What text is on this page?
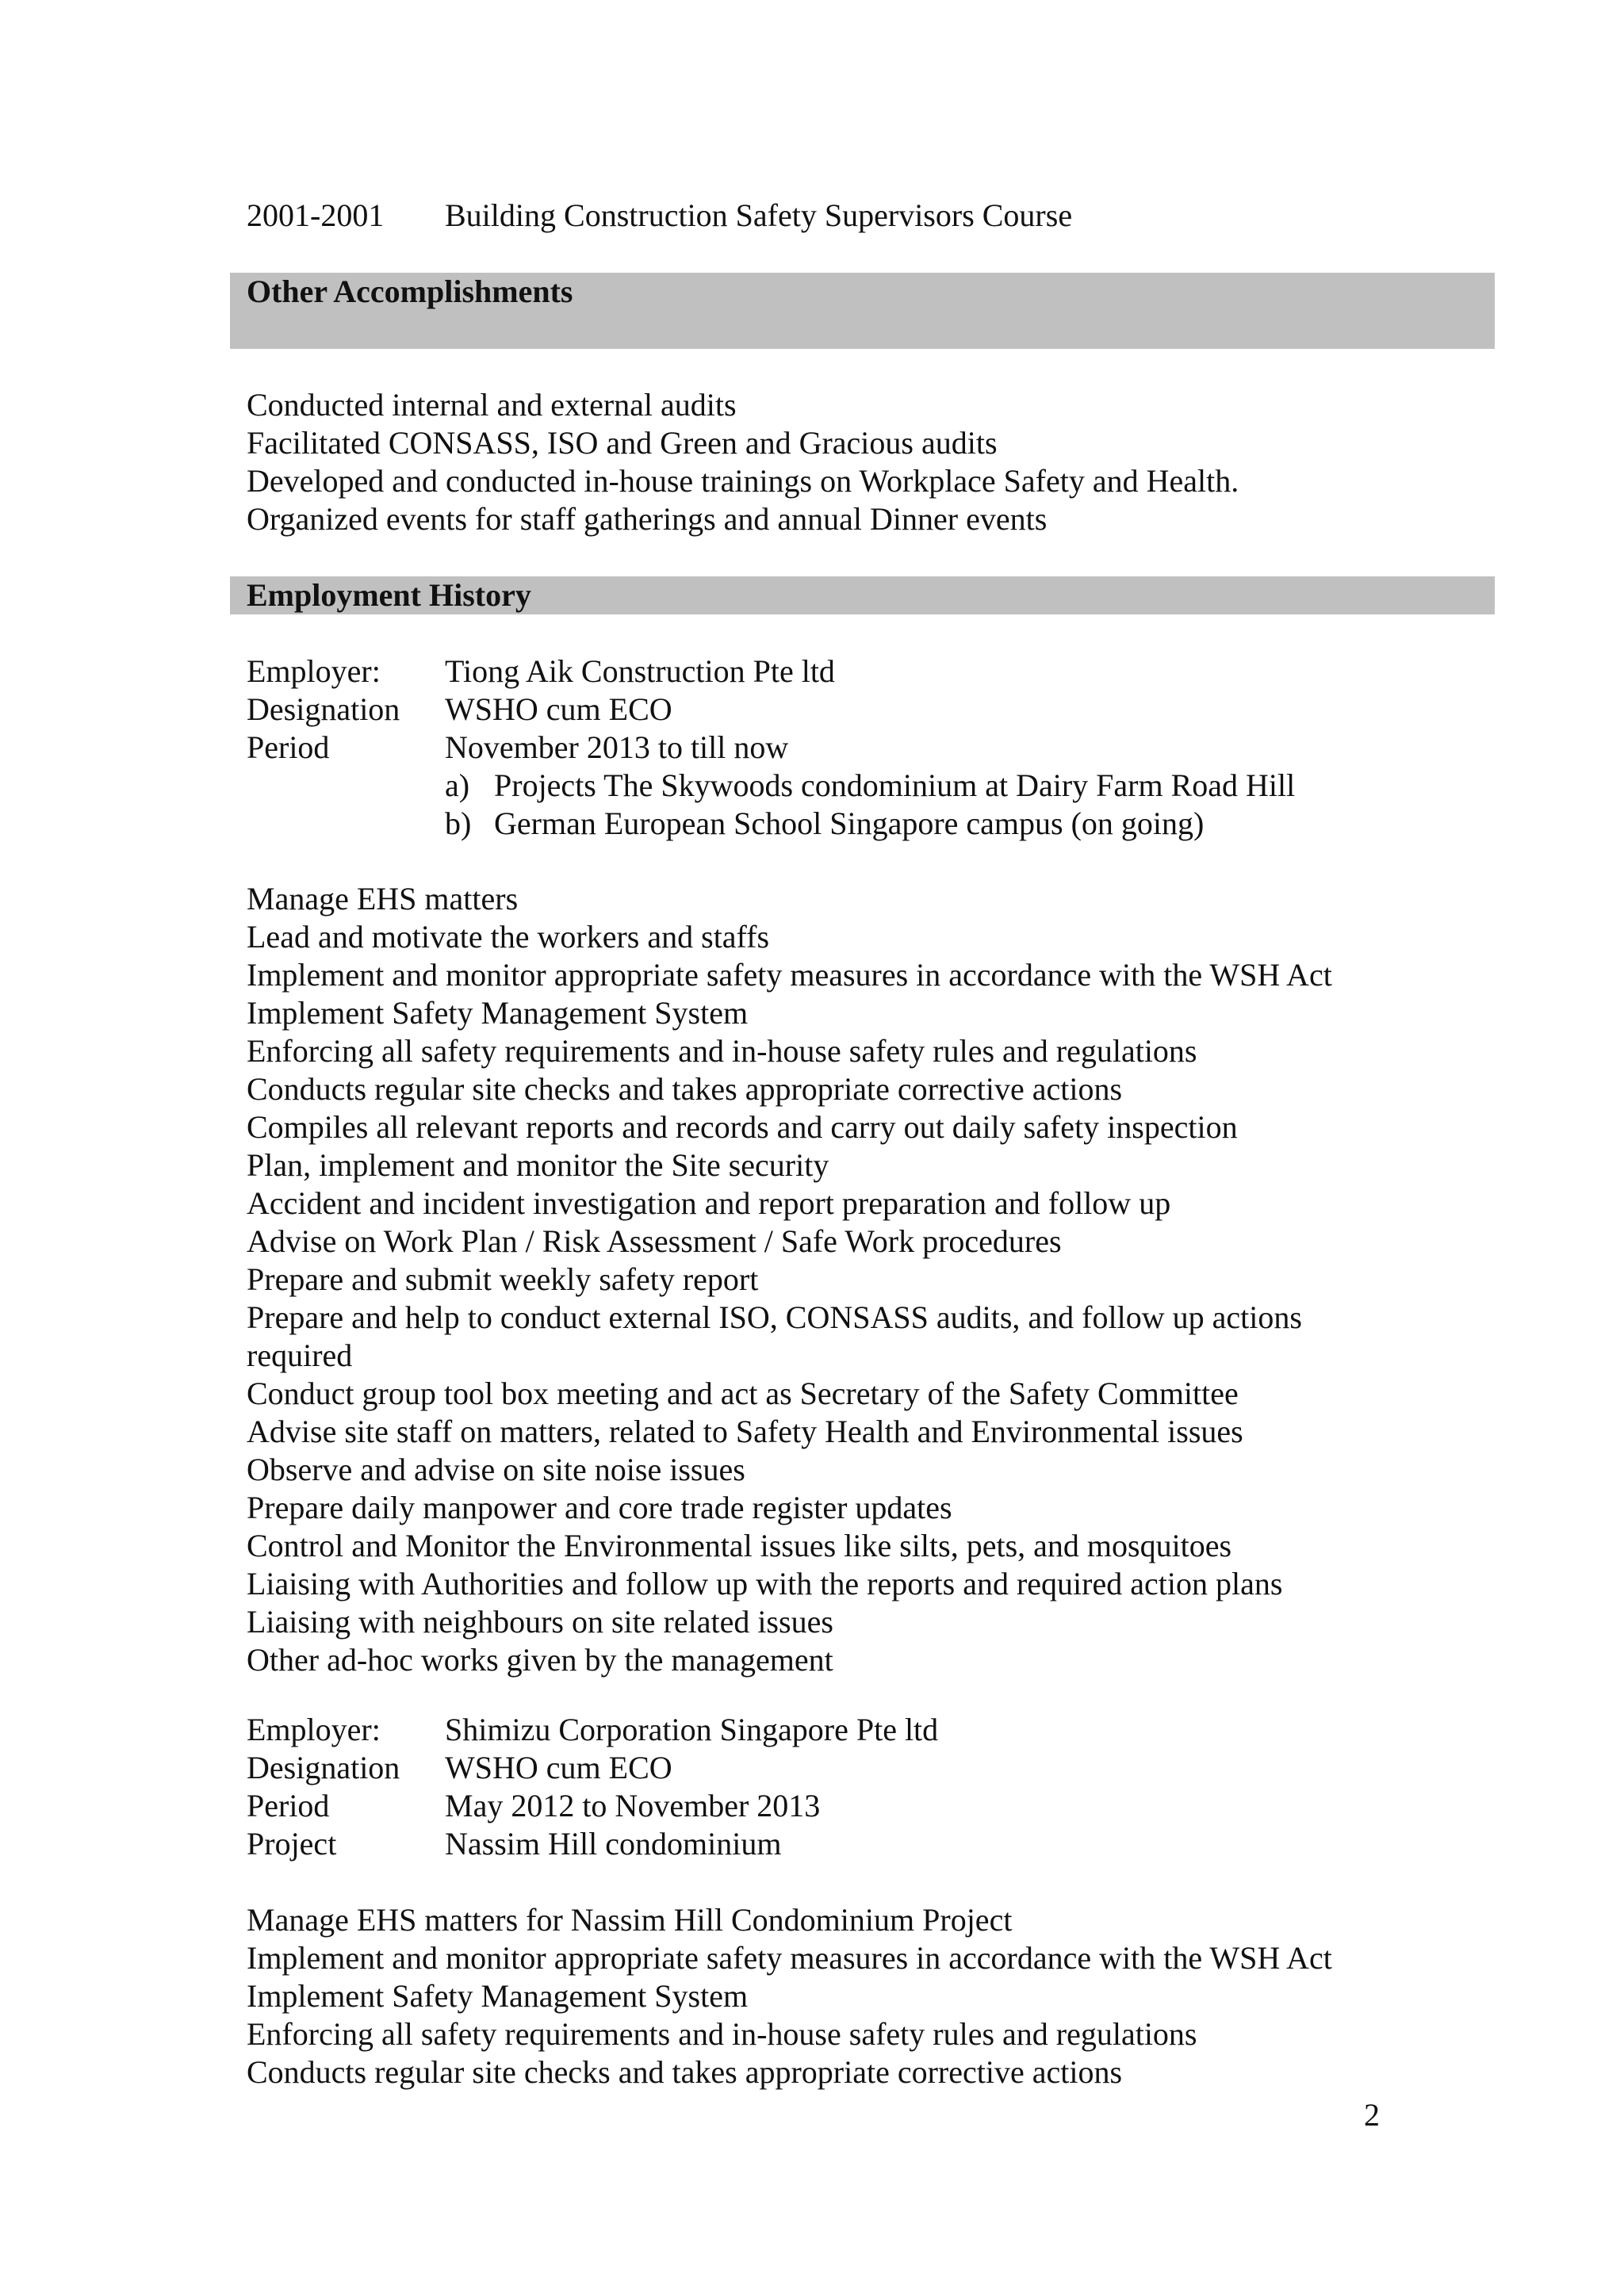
2001-2001	Building Construction Safety Supervisors Course
Other Accomplishments
Conducted internal and external audits
Facilitated CONSASS, ISO and Green and Gracious audits
Developed and conducted in-house trainings on Workplace Safety and Health.
Organized events for staff gatherings and annual Dinner events
Employment History
Employer:	Tiong Aik Construction Pte ltd
Designation	WSHO cum ECO
Period	November 2013 to till now
a) Projects The Skywoods condominium at Dairy Farm Road Hill
b) German European School Singapore campus (on going)
Manage EHS matters
Lead and motivate the workers and staffs
Implement and monitor appropriate safety measures in accordance with the WSH Act
Implement Safety Management System
Enforcing all safety requirements and in-house safety rules and regulations
Conducts regular site checks and takes appropriate corrective actions
Compiles all relevant reports and records and carry out daily safety inspection
Plan, implement and monitor the Site security
Accident and incident investigation and report preparation and follow up
Advise on Work Plan / Risk Assessment / Safe Work procedures
Prepare and submit weekly safety report
Prepare and help to conduct external ISO, CONSASS audits, and follow up actions
required
Conduct group tool box meeting and act as Secretary of the Safety Committee
Advise site staff on matters, related to Safety Health and Environmental issues
Observe and advise on site noise issues
Prepare daily manpower and core trade register updates
Control and Monitor the Environmental issues like silts, pets, and mosquitoes
Liaising with Authorities and follow up with the reports and required action plans
Liaising with neighbours on site related issues
Other ad-hoc works given by the management
Employer:	Shimizu Corporation Singapore Pte ltd
Designation	WSHO cum ECO
Period	May 2012 to November 2013
Project	Nassim Hill condominium
Manage EHS matters for Nassim Hill Condominium Project
Implement and monitor appropriate safety measures in accordance with the WSH Act
Implement Safety Management System
Enforcing all safety requirements and in-house safety rules and regulations
Conducts regular site checks and takes appropriate corrective actions
2
